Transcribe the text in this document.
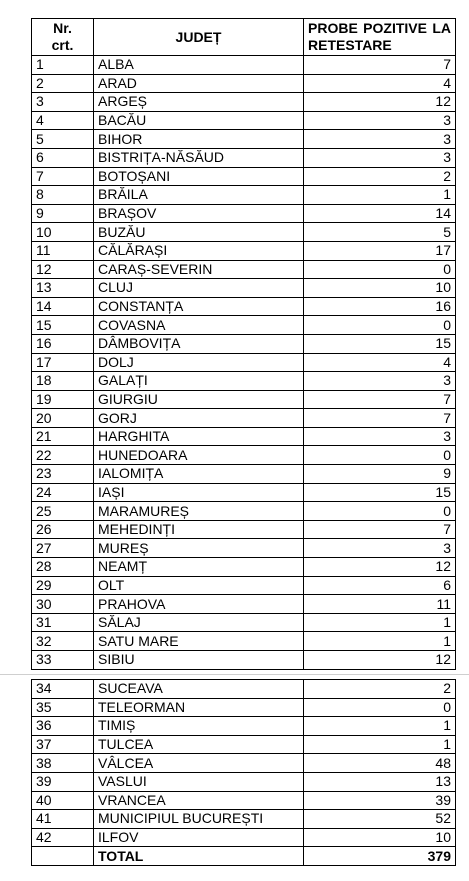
Nr.
crt.	JUDEȚ	PROBE POZITIVE LA RETESTARE
1	ALBA	7
2	ARAD	4
3	ARGEȘ	12
4	BACĂU	3
5	BIHOR	3
6	BISTRIȚA-NĂSĂUD	3
7	BOTOȘANI	2
8	BRĂILA	1
9	BRAȘOV	14
10	BUZĂU	5
11	CĂLĂRAȘI	17
12	CARAȘ-SEVERIN	0
13	CLUJ	10
14	CONSTANȚA	16
15	COVASNA	0
16	DÂMBOVIȚA	15
17	DOLJ	4
18	GALAȚI	3
19	GIURGIU	7
20	GORJ	7
21	HARGHITA	3
22	HUNEDOARA	0
23	IALOMIȚA	9
24	IAȘI	15
25	MARAMUREȘ	0
26	MEHEDINȚI	7
27	MUREȘ	3
28	NEAMȚ	12
29	OLT	6
30	PRAHOVA	11
31	SĂLAJ	1
32	SATU MARE	1
33	SIBIU	12
34	SUCEAVA	2
35	TELEORMAN	0
36	TIMIȘ	1
37	TULCEA	1
38	VÂLCEA	48
39	VASLUI	13
40	VRANCEA	39
41	MUNICIPIUL BUCUREȘTI	52
42	ILFOV	10
	TOTAL	379
